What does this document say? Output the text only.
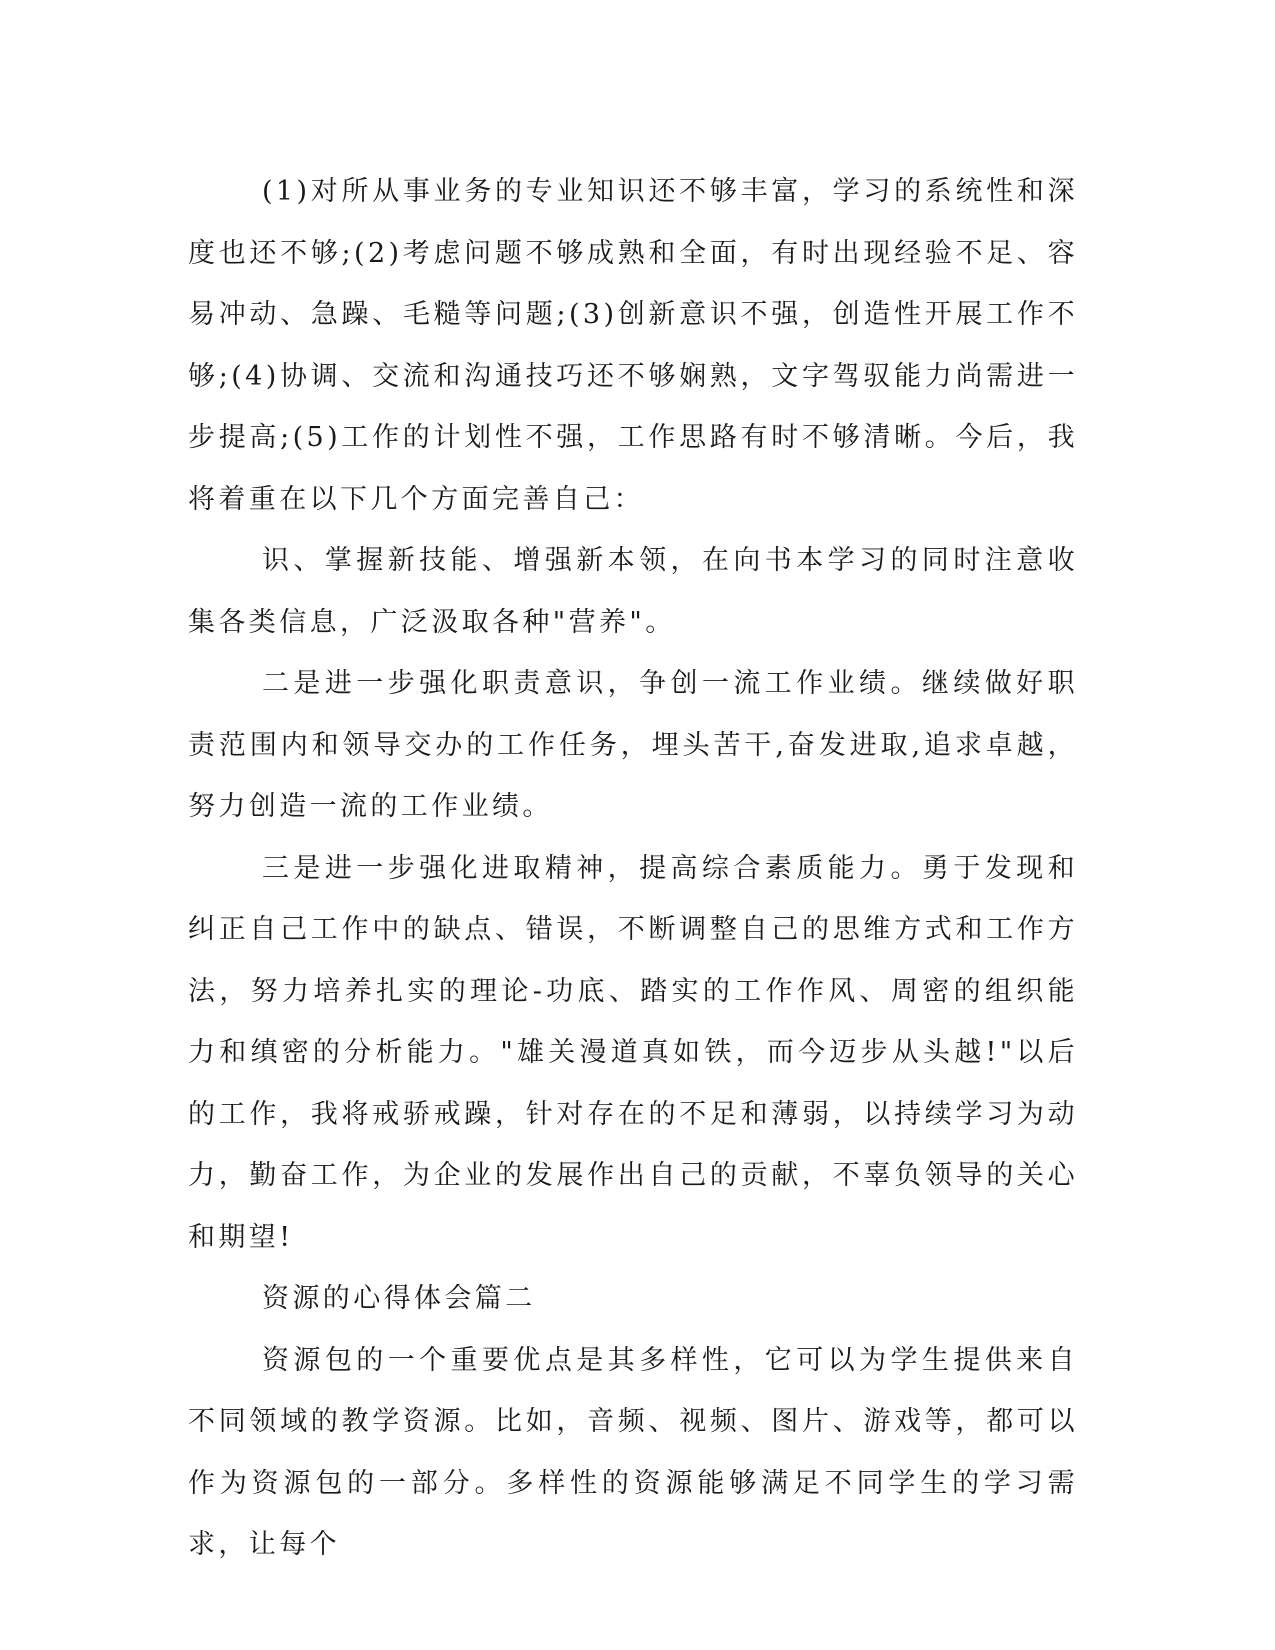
(1)对所从事业务的专业知识还不够丰富，学习的系统性和深度也还不够;(2)考虑问题不够成熟和全面，有时出现经验不足、容易冲动、急躁、毛糙等问题;(3)创新意识不强，创造性开展工作不够;(4)协调、交流和沟通技巧还不够娴熟，文字驾驭能力尚需进一步提高;(5)工作的计划性不强，工作思路有时不够清晰。今后，我将着重在以下几个方面完善自己：

识、掌握新技能、增强新本领，在向书本学习的同时注意收集各类信息，广泛汲取各种"营养"。

二是进一步强化职责意识，争创一流工作业绩。继续做好职责范围内和领导交办的工作任务，埋头苦干,奋发进取,追求卓越，努力创造一流的工作业绩。

三是进一步强化进取精神，提高综合素质能力。勇于发现和纠正自己工作中的缺点、错误，不断调整自己的思维方式和工作方法，努力培养扎实的理论-功底、踏实的工作作风、周密的组织能力和缜密的分析能力。"雄关漫道真如铁，而今迈步从头越!"以后的工作，我将戒骄戒躁，针对存在的不足和薄弱，以持续学习为动力，勤奋工作，为企业的发展作出自己的贡献，不辜负领导的关心和期望!

资源的心得体会篇二

资源包的一个重要优点是其多样性，它可以为学生提供来自不同领域的教学资源。比如，音频、视频、图片、游戏等，都可以作为资源包的一部分。多样性的资源能够满足不同学生的学习需求，让每个
